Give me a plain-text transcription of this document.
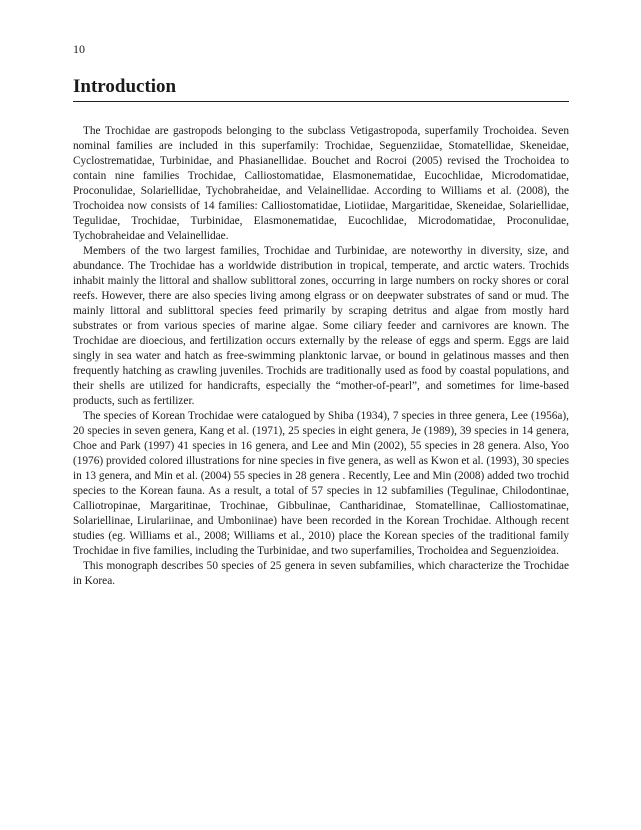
10
Introduction

The Trochidae are gastropods belonging to the subclass Vetigastropoda, superfamily Trochoidea. Seven nominal families are included in this superfamily: Trochidae, Seguenziidae, Stomatellidae, Skeneidae, Cyclostrematidae, Turbinidae, and Phasianellidae. Bouchet and Rocroi (2005) revised the Trochoidea to contain nine families Trochidae, Calliostomatidae, Elasmonematidae, Eucochlidae, Microdomatidae, Proconulidae, Solariellidae, Tychobraheidae, and Velainellidae. According to Williams et al. (2008), the Trochoidea now consists of 14 families: Calliostomatidae, Liotiidae, Margaritidae, Skeneidae, Solariellidae, Tegulidae, Trochidae, Turbinidae, Elasmonematidae, Eucochlidae, Microdomatidae, Proconulidae, Tychobraheidae and Velainellidae.

Members of the two largest families, Trochidae and Turbinidae, are noteworthy in diversity, size, and abundance. The Trochidae has a worldwide distribution in tropical, temperate, and arctic waters. Trochids inhabit mainly the littoral and shallow sublittoral zones, occurring in large numbers on rocky shores or coral reefs. However, there are also species living among elgrass or on deepwater substrates of sand or mud. The mainly littoral and sublittoral species feed primarily by scraping detritus and algae from mostly hard substrates or from various species of marine algae. Some ciliary feeder and carnivores are known. The Trochidae are dioecious, and fertilization occurs externally by the release of eggs and sperm. Eggs are laid singly in sea water and hatch as free-swimming planktonic larvae, or bound in gelatinous masses and then frequently hatching as crawling juveniles. Trochids are traditionally used as food by coastal populations, and their shells are utilized for handicrafts, especially the “mother-of-pearl”, and sometimes for lime-based products, such as fertilizer.

The species of Korean Trochidae were catalogued by Shiba (1934), 7 species in three genera, Lee (1956a), 20 species in seven genera, Kang et al. (1971), 25 species in eight genera, Je (1989), 39 species in 14 genera, Choe and Park (1997) 41 species in 16 genera, and Lee and Min (2002), 55 species in 28 genera. Also, Yoo (1976) provided colored illustrations for nine species in five genera, as well as Kwon et al. (1993), 30 species in 13 genera, and Min et al. (2004) 55 species in 28 genera . Recently, Lee and Min (2008) added two trochid species to the Korean fauna. As a result, a total of 57 species in 12 subfamilies (Tegulinae, Chilodontinae, Calliotropinae, Margaritinae, Trochinae, Gibbulinae, Cantharidinae, Stomatellinae, Calliostomatinae, Solariellinae, Lirulariinae, and Umboniinae) have been recorded in the Korean Trochidae. Although recent studies (eg. Williams et al., 2008; Williams et al., 2010) place the Korean species of the traditional family Trochidae in five families, including the Turbinidae, and two superfamilies, Trochoidea and Seguenzioidea.

This monograph describes 50 species of 25 genera in seven subfamilies, which characterize the Trochidae in Korea.
